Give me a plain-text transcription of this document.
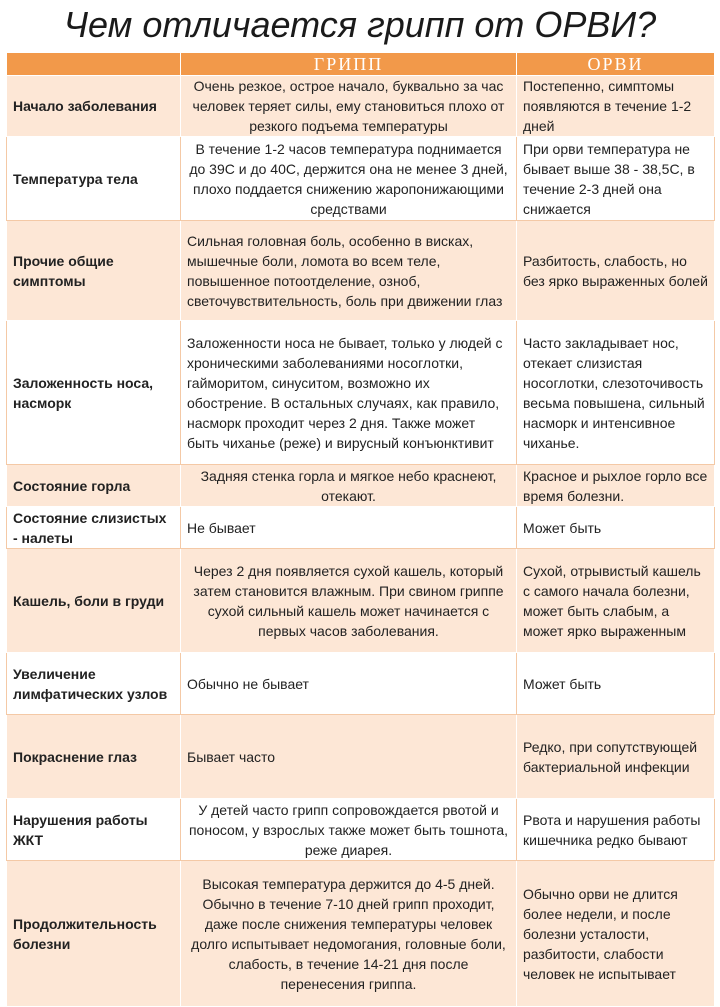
Чем отличается грипп от ОРВИ?
	ГРИПП	ОРВИ
Начало заболевания	Очень резкое, острое начало, буквально за час человек теряет силы, ему становиться плохо от резкого подъема температуры	Постепенно, симптомы появляются в течение 1-2 дней
Температура тела	В течение 1-2 часов температура поднимается до 39С и до 40С, держится она не менее 3 дней, плохо поддается снижению жаропонижающими средствами	При орви температура не бывает выше 38 - 38,5С, в течение 2-3 дней она снижается
Прочие общие симптомы	Сильная головная боль, особенно в висках, мышечные боли, ломота во всем теле, повышенное потоотделение, озноб, светочувствительность, боль при движении глаз	Разбитость, слабость, но без ярко выраженных болей
Заложенность носа, насморк	Заложенности носа не бывает, только у людей с хроническими заболеваниями носоглотки, гайморитом, синуситом, возможно их обострение. В остальных случаях, как правило, насморк проходит через 2 дня. Также может быть чиханье (реже) и вирусный конъюнктивит	Часто закладывает нос, отекает слизистая носоглотки, слезоточивость весьма повышена, сильный насморк и интенсивное чиханье.
Состояние горла	Задняя стенка горла и мягкое небо краснеют, отекают.	Красное и рыхлое горло все время болезни.
Состояние слизистых - налеты	Не бывает	Может быть
Кашель, боли в груди	Через 2 дня появляется сухой кашель, который затем становится влажным. При свином гриппе сухой сильный кашель может начинается с первых часов заболевания.	Сухой, отрывистый кашель с самого начала болезни, может быть слабым, а может ярко выраженным
Увеличение лимфатических узлов	Обычно не бывает	Может быть
Покраснение глаз	Бывает часто	Редко, при сопутствующей бактериальной инфекции
Нарушения работы ЖКТ	У детей часто грипп сопровождается рвотой и поносом, у взрослых также может быть тошнота, реже диарея.	Рвота и нарушения работы кишечника редко бывают
Продолжительность болезни	Высокая температура держится до 4-5 дней. Обычно в течение 7-10 дней грипп проходит, даже после снижения температуры человек долго испытывает недомогания, головные боли, слабость, в течение 14-21 дня после перенесения гриппа.	Обычно орви не длится более недели, и после болезни усталости, разбитости, слабости человек не испытывает
